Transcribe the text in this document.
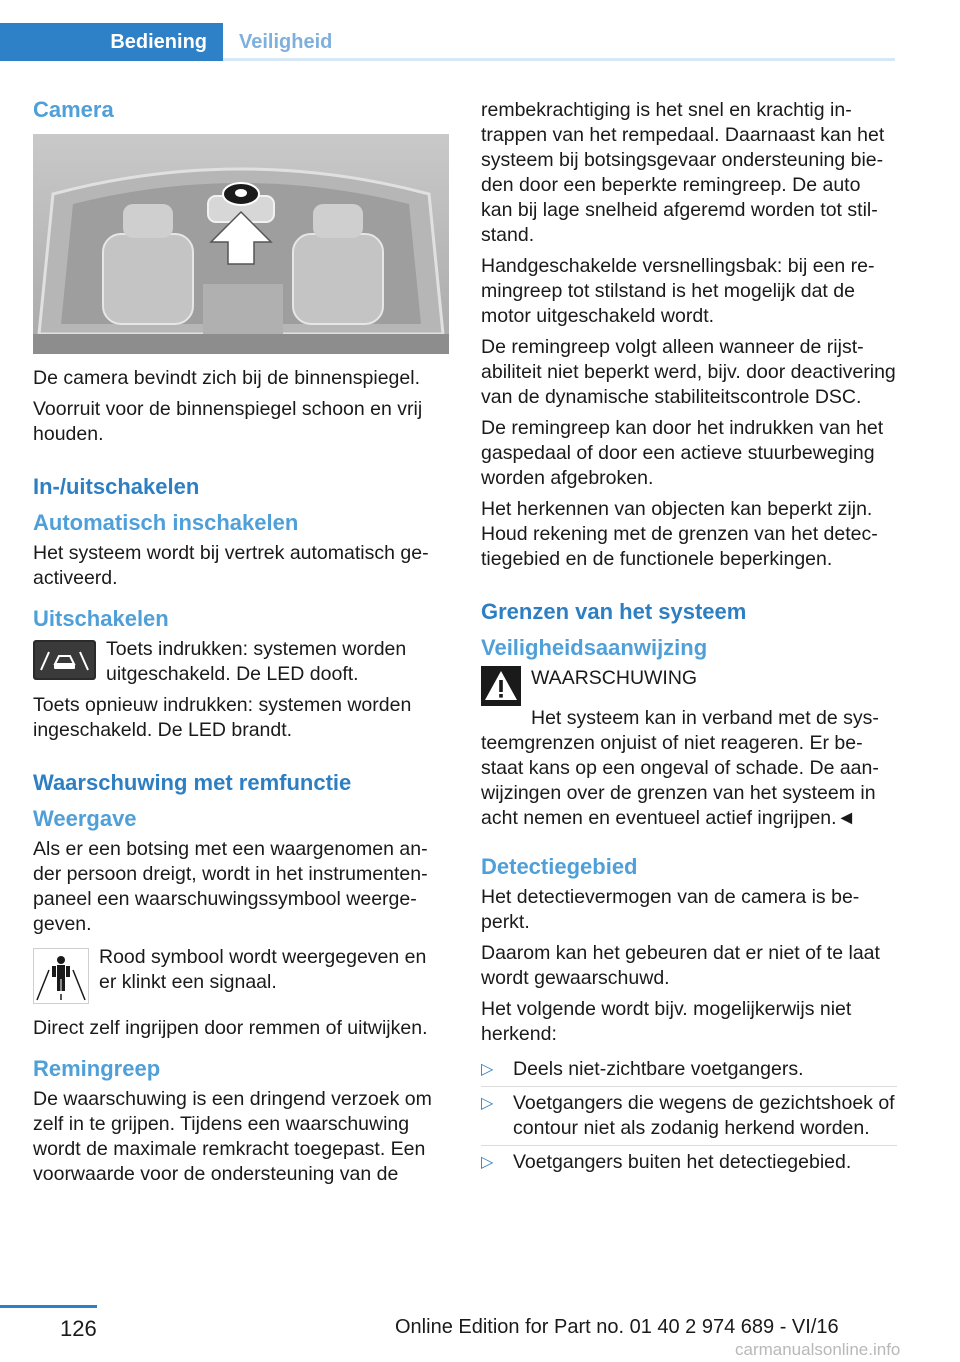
Bediening	Veiligheid
Camera

De camera bevindt zich bij de binnenspiegel.

Voorruit voor de binnenspiegel schoon en vrij houden.

In-/uitschakelen
Automatisch inschakelen

Het systeem wordt bij vertrek automatisch geactiveerd.

Uitschakelen

Toets indrukken: systemen worden uitgeschakeld. De LED dooft.

Toets opnieuw indrukken: systemen worden ingeschakeld. De LED brandt.

Waarschuwing met remfunctie
Weergave

Als er een botsing met een waargenomen ander persoon dreigt, wordt in het instrumentenpaneel een waarschuwingssymbool weergegeven.

Rood symbool wordt weergegeven en er klinkt een signaal.

Direct zelf ingrijpen door remmen of uitwijken.

Remingreep

De waarschuwing is een dringend verzoek om zelf in te grijpen. Tijdens een waarschuwing wordt de maximale remkracht toegepast. Een voorwaarde voor de ondersteuning van de

rembekrachtiging is het snel en krachtig intrappen van het rempedaal. Daarnaast kan het systeem bij botsingsgevaar ondersteuning bieden door een beperkte remingreep. De auto kan bij lage snelheid afgeremd worden tot stilstand.

Handgeschakelde versnellingsbak: bij een remingreep tot stilstand is het mogelijk dat de motor uitgeschakeld wordt.

De remingreep volgt alleen wanneer de rijstabiliteit niet beperkt werd, bijv. door deactivering van de dynamische stabiliteitscontrole DSC.

De remingreep kan door het indrukken van het gaspedaal of door een actieve stuurbeweging worden afgebroken.

Het herkennen van objecten kan beperkt zijn. Houd rekening met de grenzen van het detectiegebied en de functionele beperkingen.

Grenzen van het systeem
Veiligheidsaanwijzing

WAARSCHUWING

Het systeem kan in verband met de systeemgrenzen onjuist of niet reageren. Er bestaat kans op een ongeval of schade. De aanwijzingen over de grenzen van het systeem in acht nemen en eventueel actief ingrijpen.◄

Detectiegebied

Het detectievermogen van de camera is beperkt.

Daarom kan het gebeuren dat er niet of te laat wordt gewaarschuwd.

Het volgende wordt bijv. mogelijkerwijs niet herkend:

▷ Deels niet-zichtbare voetgangers.
▷ Voetgangers die wegens de gezichtshoek of contour niet als zodanig herkend worden.
▷ Voetgangers buiten het detectiegebied.
126	Online Edition for Part no. 01 40 2 974 689 - VI/16
carmanualsonline.info
